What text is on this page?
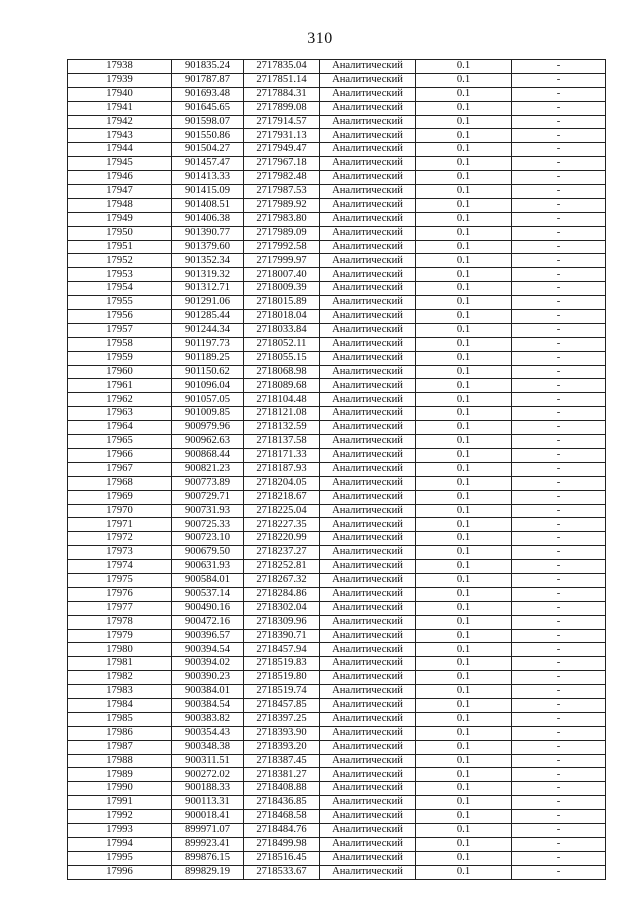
310
17938	901835.24	2717835.04	Аналитический	0.1	-
17939	901787.87	2717851.14	Аналитический	0.1	-
17940	901693.48	2717884.31	Аналитический	0.1	-
17941	901645.65	2717899.08	Аналитический	0.1	-
17942	901598.07	2717914.57	Аналитический	0.1	-
17943	901550.86	2717931.13	Аналитический	0.1	-
17944	901504.27	2717949.47	Аналитический	0.1	-
17945	901457.47	2717967.18	Аналитический	0.1	-
17946	901413.33	2717982.48	Аналитический	0.1	-
17947	901415.09	2717987.53	Аналитический	0.1	-
17948	901408.51	2717989.92	Аналитический	0.1	-
17949	901406.38	2717983.80	Аналитический	0.1	-
17950	901390.77	2717989.09	Аналитический	0.1	-
17951	901379.60	2717992.58	Аналитический	0.1	-
17952	901352.34	2717999.97	Аналитический	0.1	-
17953	901319.32	2718007.40	Аналитический	0.1	-
17954	901312.71	2718009.39	Аналитический	0.1	-
17955	901291.06	2718015.89	Аналитический	0.1	-
17956	901285.44	2718018.04	Аналитический	0.1	-
17957	901244.34	2718033.84	Аналитический	0.1	-
17958	901197.73	2718052.11	Аналитический	0.1	-
17959	901189.25	2718055.15	Аналитический	0.1	-
17960	901150.62	2718068.98	Аналитический	0.1	-
17961	901096.04	2718089.68	Аналитический	0.1	-
17962	901057.05	2718104.48	Аналитический	0.1	-
17963	901009.85	2718121.08	Аналитический	0.1	-
17964	900979.96	2718132.59	Аналитический	0.1	-
17965	900962.63	2718137.58	Аналитический	0.1	-
17966	900868.44	2718171.33	Аналитический	0.1	-
17967	900821.23	2718187.93	Аналитический	0.1	-
17968	900773.89	2718204.05	Аналитический	0.1	-
17969	900729.71	2718218.67	Аналитический	0.1	-
17970	900731.93	2718225.04	Аналитический	0.1	-
17971	900725.33	2718227.35	Аналитический	0.1	-
17972	900723.10	2718220.99	Аналитический	0.1	-
17973	900679.50	2718237.27	Аналитический	0.1	-
17974	900631.93	2718252.81	Аналитический	0.1	-
17975	900584.01	2718267.32	Аналитический	0.1	-
17976	900537.14	2718284.86	Аналитический	0.1	-
17977	900490.16	2718302.04	Аналитический	0.1	-
17978	900472.16	2718309.96	Аналитический	0.1	-
17979	900396.57	2718390.71	Аналитический	0.1	-
17980	900394.54	2718457.94	Аналитический	0.1	-
17981	900394.02	2718519.83	Аналитический	0.1	-
17982	900390.23	2718519.80	Аналитический	0.1	-
17983	900384.01	2718519.74	Аналитический	0.1	-
17984	900384.54	2718457.85	Аналитический	0.1	-
17985	900383.82	2718397.25	Аналитический	0.1	-
17986	900354.43	2718393.90	Аналитический	0.1	-
17987	900348.38	2718393.20	Аналитический	0.1	-
17988	900311.51	2718387.45	Аналитический	0.1	-
17989	900272.02	2718381.27	Аналитический	0.1	-
17990	900188.33	2718408.88	Аналитический	0.1	-
17991	900113.31	2718436.85	Аналитический	0.1	-
17992	900018.41	2718468.58	Аналитический	0.1	-
17993	899971.07	2718484.76	Аналитический	0.1	-
17994	899923.41	2718499.98	Аналитический	0.1	-
17995	899876.15	2718516.45	Аналитический	0.1	-
17996	899829.19	2718533.67	Аналитический	0.1	-
